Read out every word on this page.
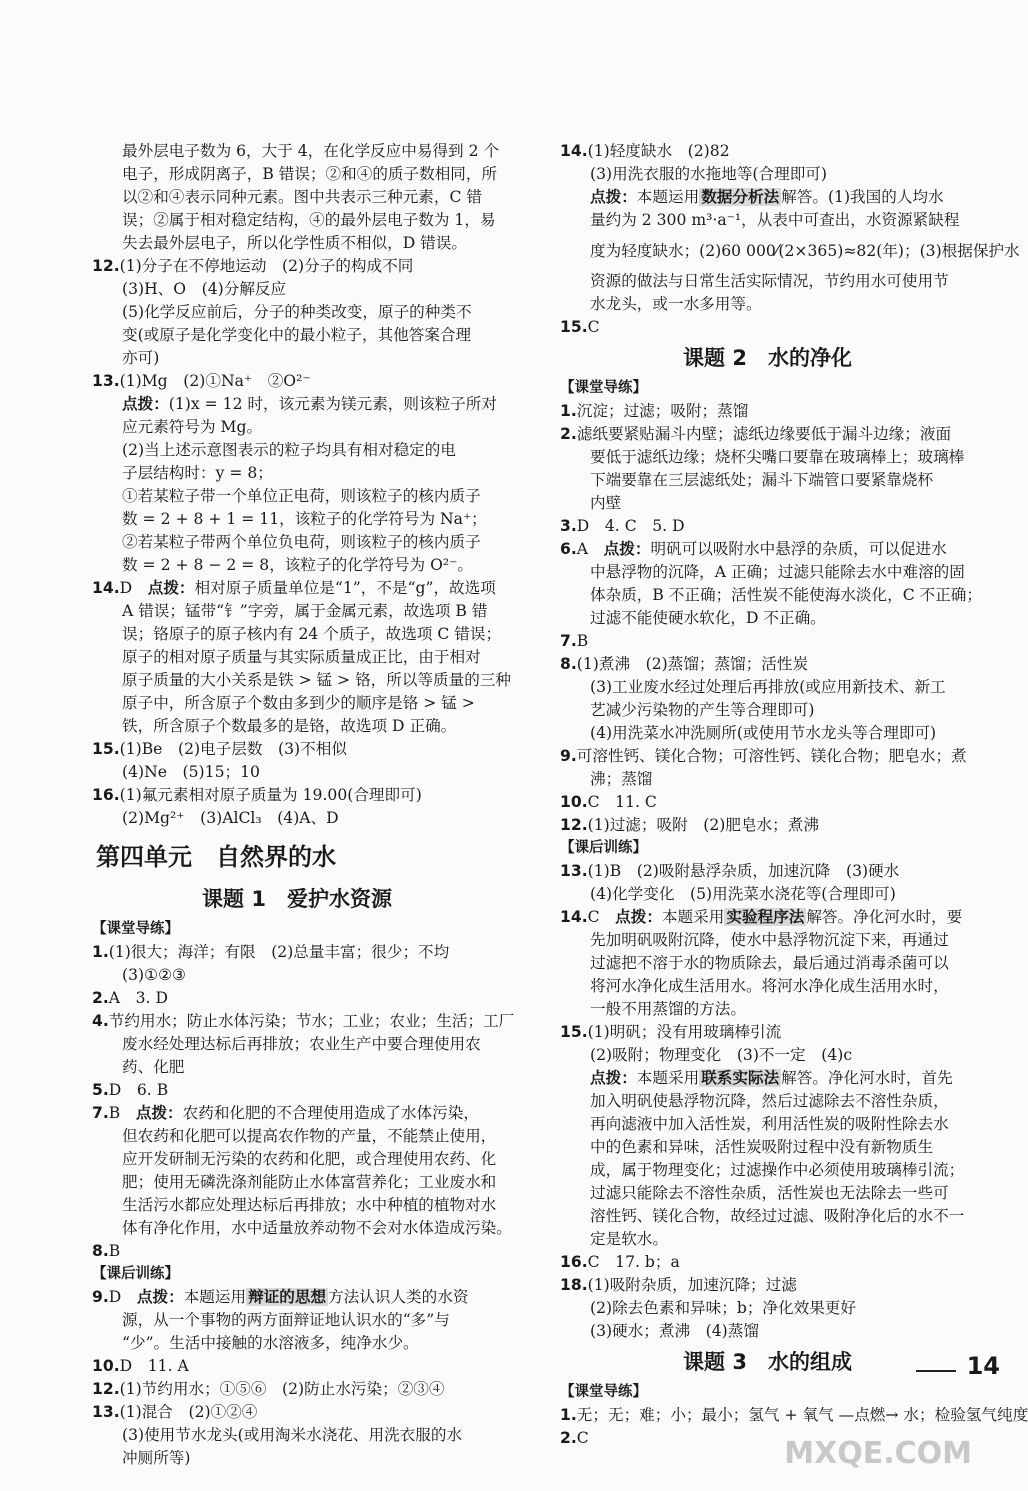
最外层电子数为 6，大于 4，在化学反应中易得到 2 个
电子，形成阴离子，B 错误；②和④的质子数相同，所
以②和④表示同种元素。图中共表示三种元素，C 错
误；②属于相对稳定结构，④的最外层电子数为 1，易
失去最外层电子，所以化学性质不相似，D 错误。
12.(1)分子在不停地运动　(2)分子的构成不同
(3)H、O　(4)分解反应
(5)化学反应前后，分子的种类改变，原子的种类不
变(或原子是化学变化中的最小粒子，其他答案合理
亦可)
13.(1)Mg　(2)①Na⁺　②O²⁻
点拨：(1)x = 12 时，该元素为镁元素，则该粒子所对
应元素符号为 Mg。
(2)当上述示意图表示的粒子均具有相对稳定的电
子层结构时：y = 8；
①若某粒子带一个单位正电荷，则该粒子的核内质子
数 = 2 + 8 + 1 = 11，该粒子的化学符号为 Na⁺；
②若某粒子带两个单位负电荷，则该粒子的核内质子
数 = 2 + 8 − 2 = 8，该粒子的化学符号为 O²⁻。
14.D　点拨：相对原子质量单位是“1”，不是“g”，故选项
A 错误；锰带“钅”字旁，属于金属元素，故选项 B 错
误；铬原子的原子核内有 24 个质子，故选项 C 错误；
原子的相对原子质量与其实际质量成正比，由于相对
原子质量的大小关系是铁 > 锰 > 铬，所以等质量的三种
原子中，所含原子个数由多到少的顺序是铬 > 锰 >
铁，所含原子个数最多的是铬，故选项 D 正确。
15.(1)Be　(2)电子层数　(3)不相似
(4)Ne　(5)15；10
16.(1)氟元素相对原子质量为 19.00(合理即可)
(2)Mg²⁺　(3)AlCl₃　(4)A、D
第四单元　自然界的水
课题 1　爱护水资源
【课堂导练】
1.(1)很大；海洋；有限　(2)总量丰富；很少；不均
(3)①②③
2.A　3. D
4.节约用水；防止水体污染；节水；工业；农业；生活；工厂
废水经处理达标后再排放；农业生产中要合理使用农
药、化肥
5.D　6. B
7.B　点拨：农药和化肥的不合理使用造成了水体污染，
但农药和化肥可以提高农作物的产量，不能禁止使用，
应开发研制无污染的农药和化肥，或合理使用农药、化
肥；使用无磷洗涤剂能防止水体富营养化；工业废水和
生活污水都应处理达标后再排放；水中种植的植物对水
体有净化作用，水中适量放养动物不会对水体造成污染。
8.B
【课后训练】
9.D　点拨：本题运用 辩证的思想 方法认识人类的水资
源，从一个事物的两方面辩证地认识水的“多”与
“少”。生活中接触的水溶液多，纯净水少。
10.D　11. A
12.(1)节约用水；①⑤⑥　(2)防止水污染；②③④
13.(1)混合　(2)①②④
(3)使用节水龙头(或用淘米水浇花、用洗衣服的水
冲厕所等)
14.(1)轻度缺水　(2)82
(3)用洗衣服的水拖地等(合理即可)
点拨：本题运用 数据分析法 解答。(1)我国的人均水
量约为 2 300 m³·a⁻¹，从表中可查出，水资源紧缺程
度为轻度缺水；(2)60 000⁄(2×365)≈82(年)；(3)根据保护水
资源的做法与日常生活实际情况，节约用水可使用节
水龙头，或一水多用等。
15.C
课题 2　水的净化
【课堂导练】
1.沉淀；过滤；吸附；蒸馏
2.滤纸要紧贴漏斗内壁；滤纸边缘要低于漏斗边缘；液面
要低于滤纸边缘；烧杯尖嘴口要靠在玻璃棒上；玻璃棒
下端要靠在三层滤纸处；漏斗下端管口要紧靠烧杯
内壁
3.D　4. C　5. D
6.A　点拨：明矾可以吸附水中悬浮的杂质，可以促进水
中悬浮物的沉降，A 正确；过滤只能除去水中难溶的固
体杂质，B 不正确；活性炭不能使海水淡化，C 不正确；
过滤不能使硬水软化，D 不正确。
7.B
8.(1)煮沸　(2)蒸馏；蒸馏；活性炭
(3)工业废水经过处理后再排放(或应用新技术、新工
艺减少污染物的产生等合理即可)
(4)用洗菜水冲洗厕所(或使用节水龙头等合理即可)
9.可溶性钙、镁化合物；可溶性钙、镁化合物；肥皂水；煮
沸；蒸馏
10.C　11. C
12.(1)过滤；吸附　(2)肥皂水；煮沸
【课后训练】
13.(1)B　(2)吸附悬浮杂质，加速沉降　(3)硬水
(4)化学变化　(5)用洗菜水浇花等(合理即可)
14.C　点拨：本题采用 实验程序法 解答。净化河水时，要
先加明矾吸附沉降，使水中悬浮物沉淀下来，再通过
过滤把不溶于水的物质除去，最后通过消毒杀菌可以
将河水净化成生活用水。将河水净化成生活用水时，
一般不用蒸馏的方法。
15.(1)明矾；没有用玻璃棒引流
(2)吸附；物理变化　(3)不一定　(4)c
点拨：本题采用 联系实际法 解答。净化河水时，首先
加入明矾使悬浮物沉降，然后过滤除去不溶性杂质，
再向滤液中加入活性炭，利用活性炭的吸附性除去水
中的色素和异味，活性炭吸附过程中没有新物质生
成，属于物理变化；过滤操作中必须使用玻璃棒引流；
过滤只能除去不溶性杂质，活性炭也无法除去一些可
溶性钙、镁化合物，故经过过滤、吸附净化后的水不一
定是软水。
16.C　17. b；a
18.(1)吸附杂质，加速沉降；过滤
(2)除去色素和异味；b；净化效果更好
(3)硬水；煮沸　(4)蒸馏
课题 3　水的组成
【课堂导练】
1.无；无；难；小；最小；氢气 + 氧气 —点燃→ 水；检验氢气纯度
2.C
14
MXQE.COM
